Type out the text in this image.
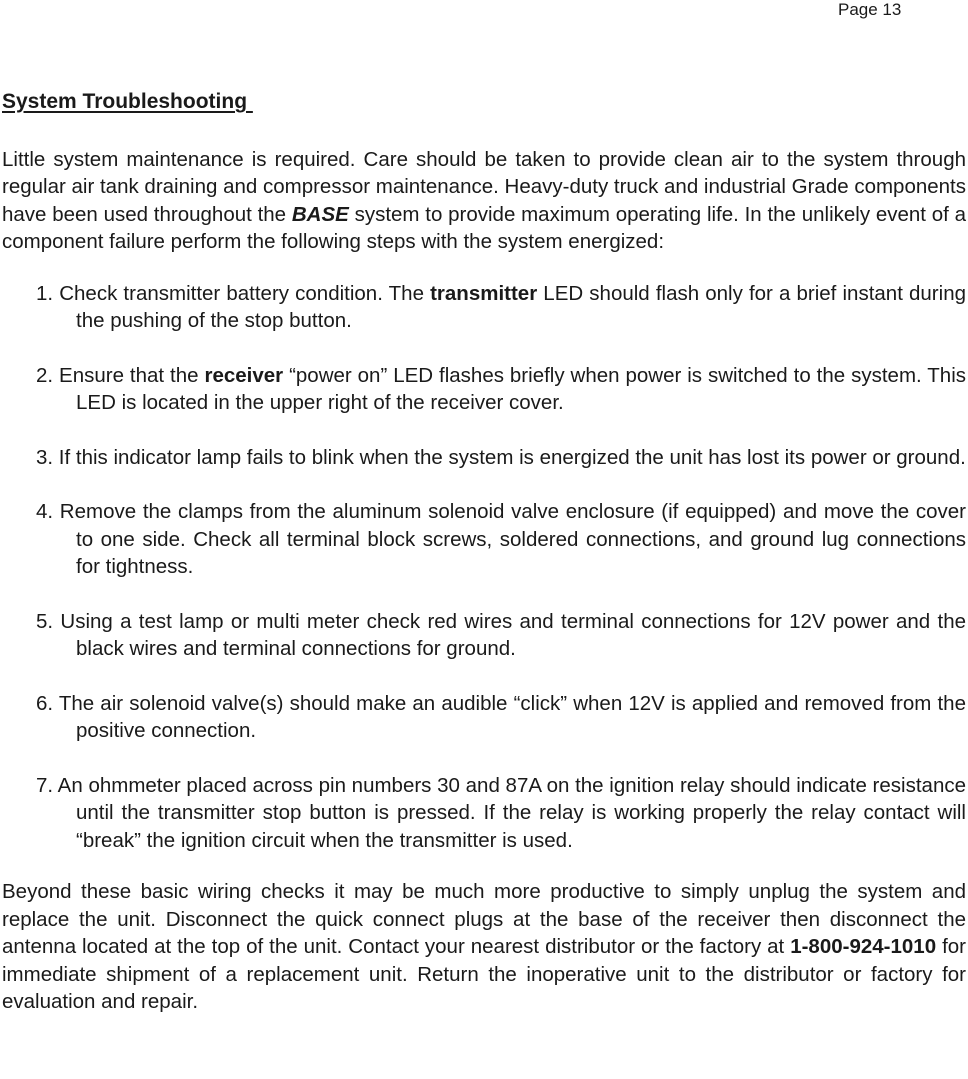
Page 13
System Troubleshooting

Little system maintenance is required. Care should be taken to provide clean air to the system through regular air tank draining and compressor maintenance. Heavy-duty truck and industrial Grade components have been used throughout the BASE system to provide maximum operating life. In the unlikely event of a component failure perform the following steps with the system energized:

1. Check transmitter battery condition. The transmitter LED should flash only for a brief instant during the pushing of the stop button.
2. Ensure that the receiver “power on” LED flashes briefly when power is switched to the system. This LED is located in the upper right of the receiver cover.
3. If this indicator lamp fails to blink when the system is energized the unit has lost its power or ground.
4. Remove the clamps from the aluminum solenoid valve enclosure (if equipped) and move the cover to one side. Check all terminal block screws, soldered connections, and ground lug connections for tightness.
5. Using a test lamp or multi meter check red wires and terminal connections for 12V power and the black wires and terminal connections for ground.
6. The air solenoid valve(s) should make an audible “click” when 12V is applied and removed from the positive connection.
7. An ohmmeter placed across pin numbers 30 and 87A on the ignition relay should indicate resistance until the transmitter stop button is pressed. If the relay is working properly the relay contact will “break” the ignition circuit when the transmitter is used.

Beyond these basic wiring checks it may be much more productive to simply unplug the system and replace the unit. Disconnect the quick connect plugs at the base of the receiver then disconnect the antenna located at the top of the unit. Contact your nearest distributor or the factory at 1-800-924-1010 for immediate shipment of a replacement unit. Return the inoperative unit to the distributor or factory for evaluation and repair.
